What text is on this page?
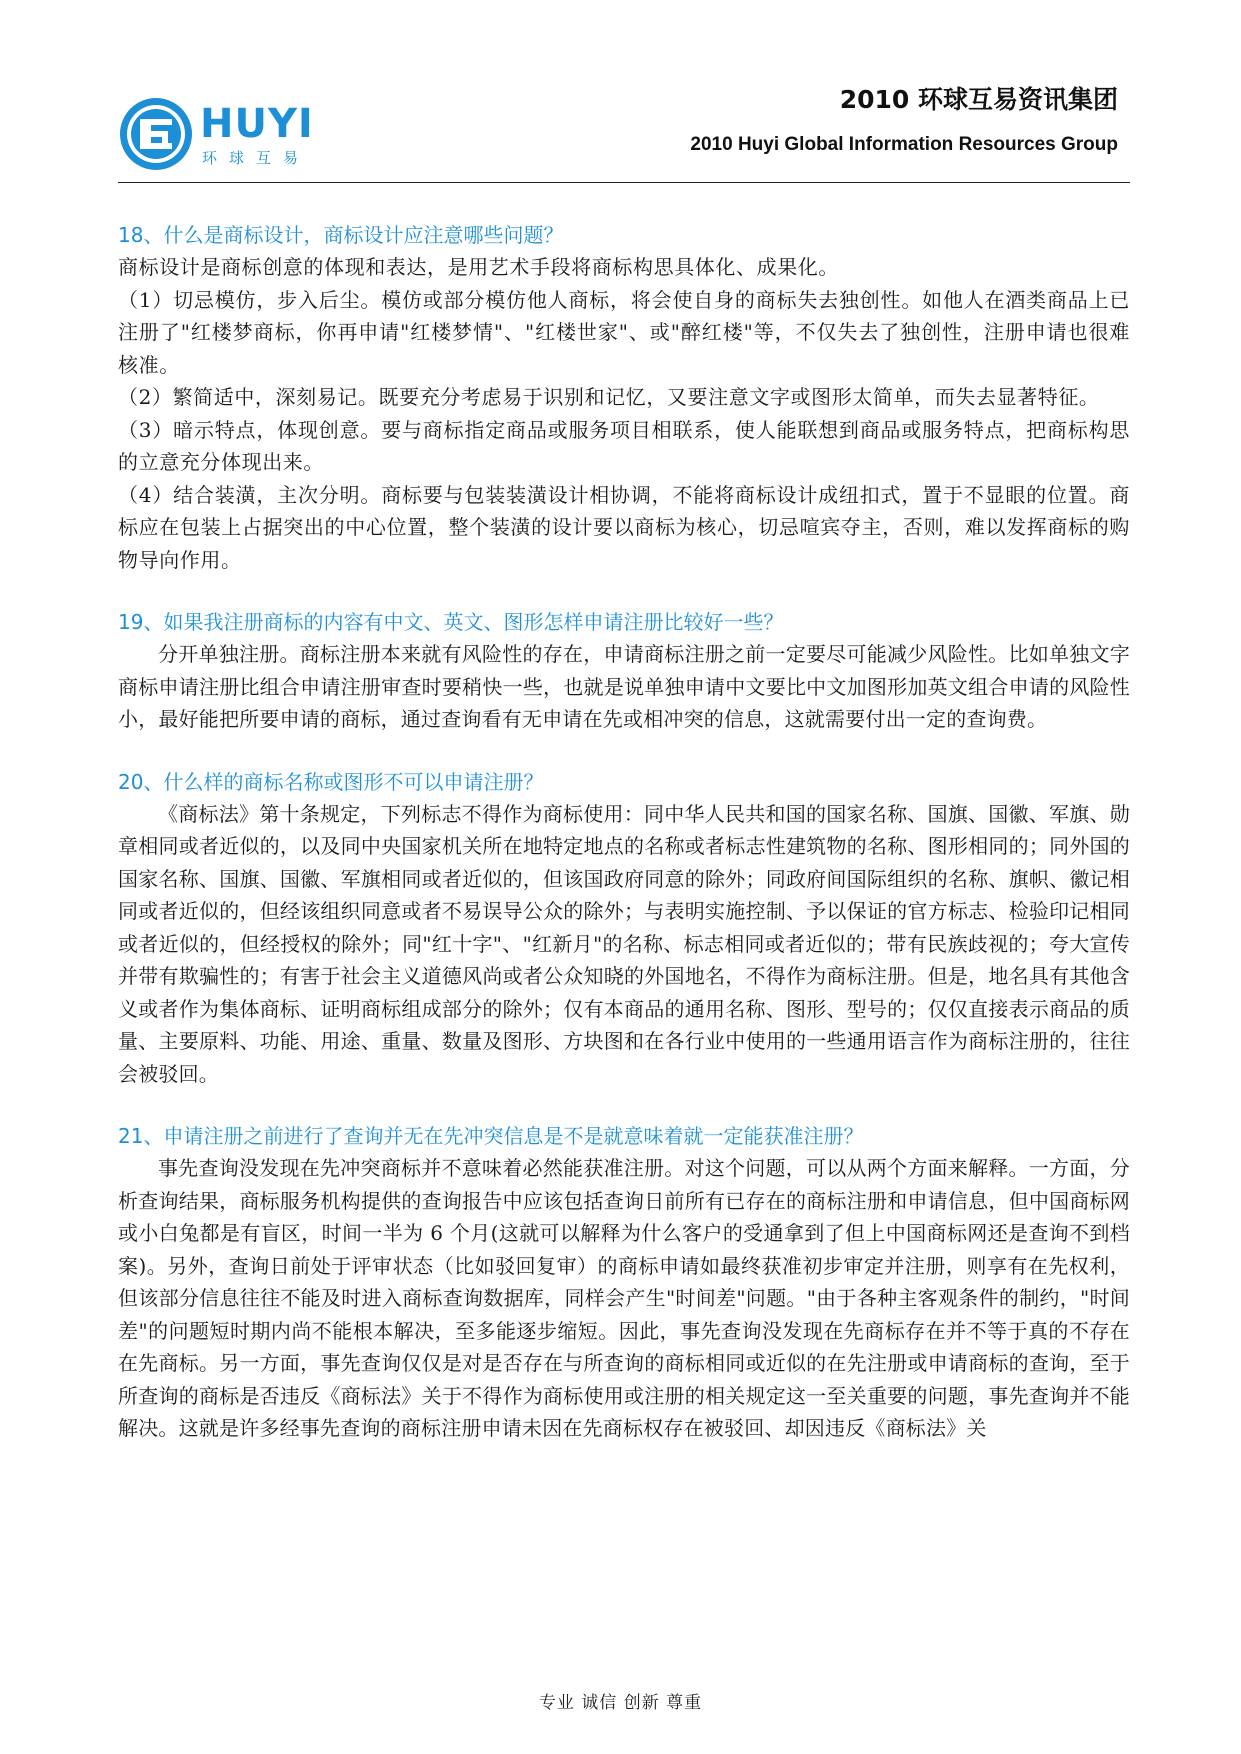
HUYI
环球互易
2010 环球互易资讯集团
2010 Huyi Global Information Resources Group

18、什么是商标设计，商标设计应注意哪些问题？

商标设计是商标创意的体现和表达，是用艺术手段将商标构思具体化、成果化。

（1）切忌模仿，步入后尘。模仿或部分模仿他人商标，将会使自身的商标失去独创性。如他人在酒类商品上已注册了"红楼梦商标，你再申请"红楼梦情"、"红楼世家"、或"醉红楼"等，不仅失去了独创性，注册申请也很难核准。

（2）繁简适中，深刻易记。既要充分考虑易于识别和记忆，又要注意文字或图形太简单，而失去显著特征。

（3）暗示特点，体现创意。要与商标指定商品或服务项目相联系，使人能联想到商品或服务特点，把商标构思的立意充分体现出来。

（4）结合装潢，主次分明。商标要与包装装潢设计相协调，不能将商标设计成纽扣式，置于不显眼的位置。商标应在包装上占据突出的中心位置，整个装潢的设计要以商标为核心，切忌喧宾夺主，否则，难以发挥商标的购物导向作用。

19、如果我注册商标的内容有中文、英文、图形怎样申请注册比较好一些？

分开单独注册。商标注册本来就有风险性的存在，申请商标注册之前一定要尽可能减少风险性。比如单独文字商标申请注册比组合申请注册审查时要稍快一些，也就是说单独申请中文要比中文加图形加英文组合申请的风险性小，最好能把所要申请的商标，通过查询看有无申请在先或相冲突的信息，这就需要付出一定的查询费。

20、什么样的商标名称或图形不可以申请注册？

《商标法》第十条规定，下列标志不得作为商标使用：同中华人民共和国的国家名称、国旗、国徽、军旗、勋章相同或者近似的，以及同中央国家机关所在地特定地点的名称或者标志性建筑物的名称、图形相同的；同外国的国家名称、国旗、国徽、军旗相同或者近似的，但该国政府同意的除外；同政府间国际组织的名称、旗帜、徽记相同或者近似的，但经该组织同意或者不易误导公众的除外；与表明实施控制、予以保证的官方标志、检验印记相同或者近似的，但经授权的除外；同"红十字"、"红新月"的名称、标志相同或者近似的；带有民族歧视的；夸大宣传并带有欺骗性的；有害于社会主义道德风尚或者公众知晓的外国地名，不得作为商标注册。但是，地名具有其他含义或者作为集体商标、证明商标组成部分的除外；仅有本商品的通用名称、图形、型号的；仅仅直接表示商品的质量、主要原料、功能、用途、重量、数量及图形、方块图和在各行业中使用的一些通用语言作为商标注册的，往往会被驳回。

21、申请注册之前进行了查询并无在先冲突信息是不是就意味着就一定能获准注册？

事先查询没发现在先冲突商标并不意味着必然能获准注册。对这个问题，可以从两个方面来解释。一方面，分析查询结果，商标服务机构提供的查询报告中应该包括查询日前所有已存在的商标注册和申请信息，但中国商标网或小白兔都是有盲区，时间一半为 6 个月(这就可以解释为什么客户的受通拿到了但上中国商标网还是查询不到档案)。另外，查询日前处于评审状态（比如驳回复审）的商标申请如最终获准初步审定并注册，则享有在先权利，但该部分信息往往不能及时进入商标查询数据库，同样会产生"时间差"问题。"由于各种主客观条件的制约，"时间差"的问题短时期内尚不能根本解决，至多能逐步缩短。因此，事先查询没发现在先商标存在并不等于真的不存在在先商标。另一方面，事先查询仅仅是对是否存在与所查询的商标相同或近似的在先注册或申请商标的查询，至于所查询的商标是否违反《商标法》关于不得作为商标使用或注册的相关规定这一至关重要的问题，事先查询并不能解决。这就是许多经事先查询的商标注册申请未因在先商标权存在被驳回、却因违反《商标法》关

专业 诚信 创新 尊重
